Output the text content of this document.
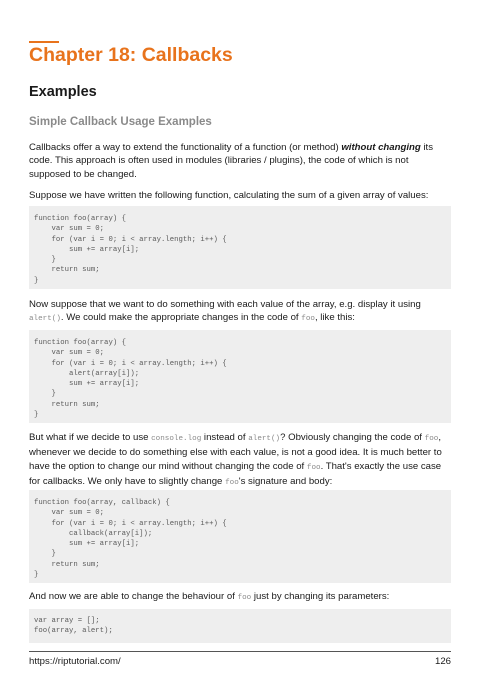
Chapter 18: Callbacks
Examples
Simple Callback Usage Examples

Callbacks offer a way to extend the functionality of a function (or method) without changing its code. This approach is often used in modules (libraries / plugins), the code of which is not supposed to be changed.

Suppose we have written the following function, calculating the sum of a given array of values:

function foo(array) {
var sum = 0;
for (var i = 0; i < array.length; i++) {
sum += array[i];
}
return sum;
}

Now suppose that we want to do something with each value of the array, e.g. display it using alert(). We could make the appropriate changes in the code of foo, like this:

function foo(array) {
var sum = 0;
for (var i = 0; i < array.length; i++) {
alert(array[i]);
sum += array[i];
}
return sum;
}

But what if we decide to use console.log instead of alert()? Obviously changing the code of foo, whenever we decide to do something else with each value, is not a good idea. It is much better to have the option to change our mind without changing the code of foo. That's exactly the use case for callbacks. We only have to slightly change foo's signature and body:

function foo(array, callback) {
var sum = 0;
for (var i = 0; i < array.length; i++) {
callback(array[i]);
sum += array[i];
}
return sum;
}

And now we are able to change the behaviour of foo just by changing its parameters:

var array = [];
foo(array, alert);
https://riptutorial.com/	126
